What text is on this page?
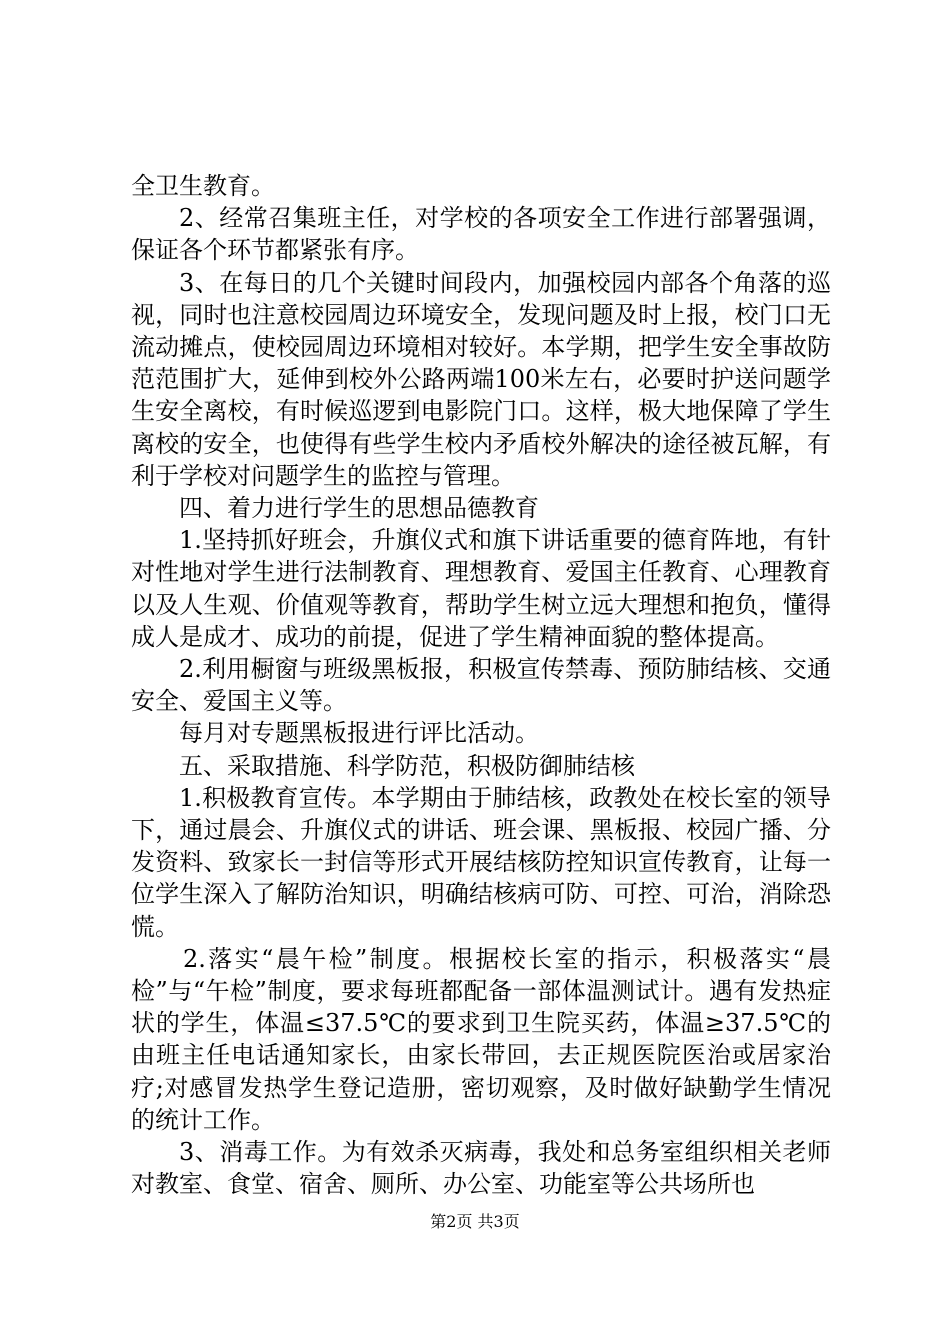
全卫生教育。

2、经常召集班主任，对学校的各项安全工作进行部署强调，保证各个环节都紧张有序。

3、在每日的几个关键时间段内，加强校园内部各个角落的巡视，同时也注意校园周边环境安全，发现问题及时上报，校门口无流动摊点，使校园周边环境相对较好。本学期，把学生安全事故防范范围扩大，延伸到校外公路两端100米左右，必要时护送问题学生安全离校，有时候巡逻到电影院门口。这样，极大地保障了学生离校的安全，也使得有些学生校内矛盾校外解决的途径被瓦解，有利于学校对问题学生的监控与管理。

四、着力进行学生的思想品德教育

1.坚持抓好班会，升旗仪式和旗下讲话重要的德育阵地，有针对性地对学生进行法制教育、理想教育、爱国主任教育、心理教育以及人生观、价值观等教育，帮助学生树立远大理想和抱负，懂得成人是成才、成功的前提，促进了学生精神面貌的整体提高。

2.利用橱窗与班级黑板报，积极宣传禁毒、预防肺结核、交通安全、爱国主义等。

每月对专题黑板报进行评比活动。

五、采取措施、科学防范，积极防御肺结核

1.积极教育宣传。本学期由于肺结核，政教处在校长室的领导下，通过晨会、升旗仪式的讲话、班会课、黑板报、校园广播、分发资料、致家长一封信等形式开展结核防控知识宣传教育，让每一位学生深入了解防治知识，明确结核病可防、可控、可治，消除恐慌。

2.落实“晨午检”制度。根据校长室的指示，积极落实“晨检”与“午检”制度，要求每班都配备一部体温测试计。遇有发热症状的学生，体温≤37.5℃的要求到卫生院买药，体温≥37.5℃的由班主任电话通知家长，由家长带回，去正规医院医治或居家治疗;对感冒发热学生登记造册，密切观察，及时做好缺勤学生情况的统计工作。

3、消毒工作。为有效杀灭病毒，我处和总务室组织相关老师对教室、食堂、宿舍、厕所、办公室、功能室等公共场所也

第2页 共3页
